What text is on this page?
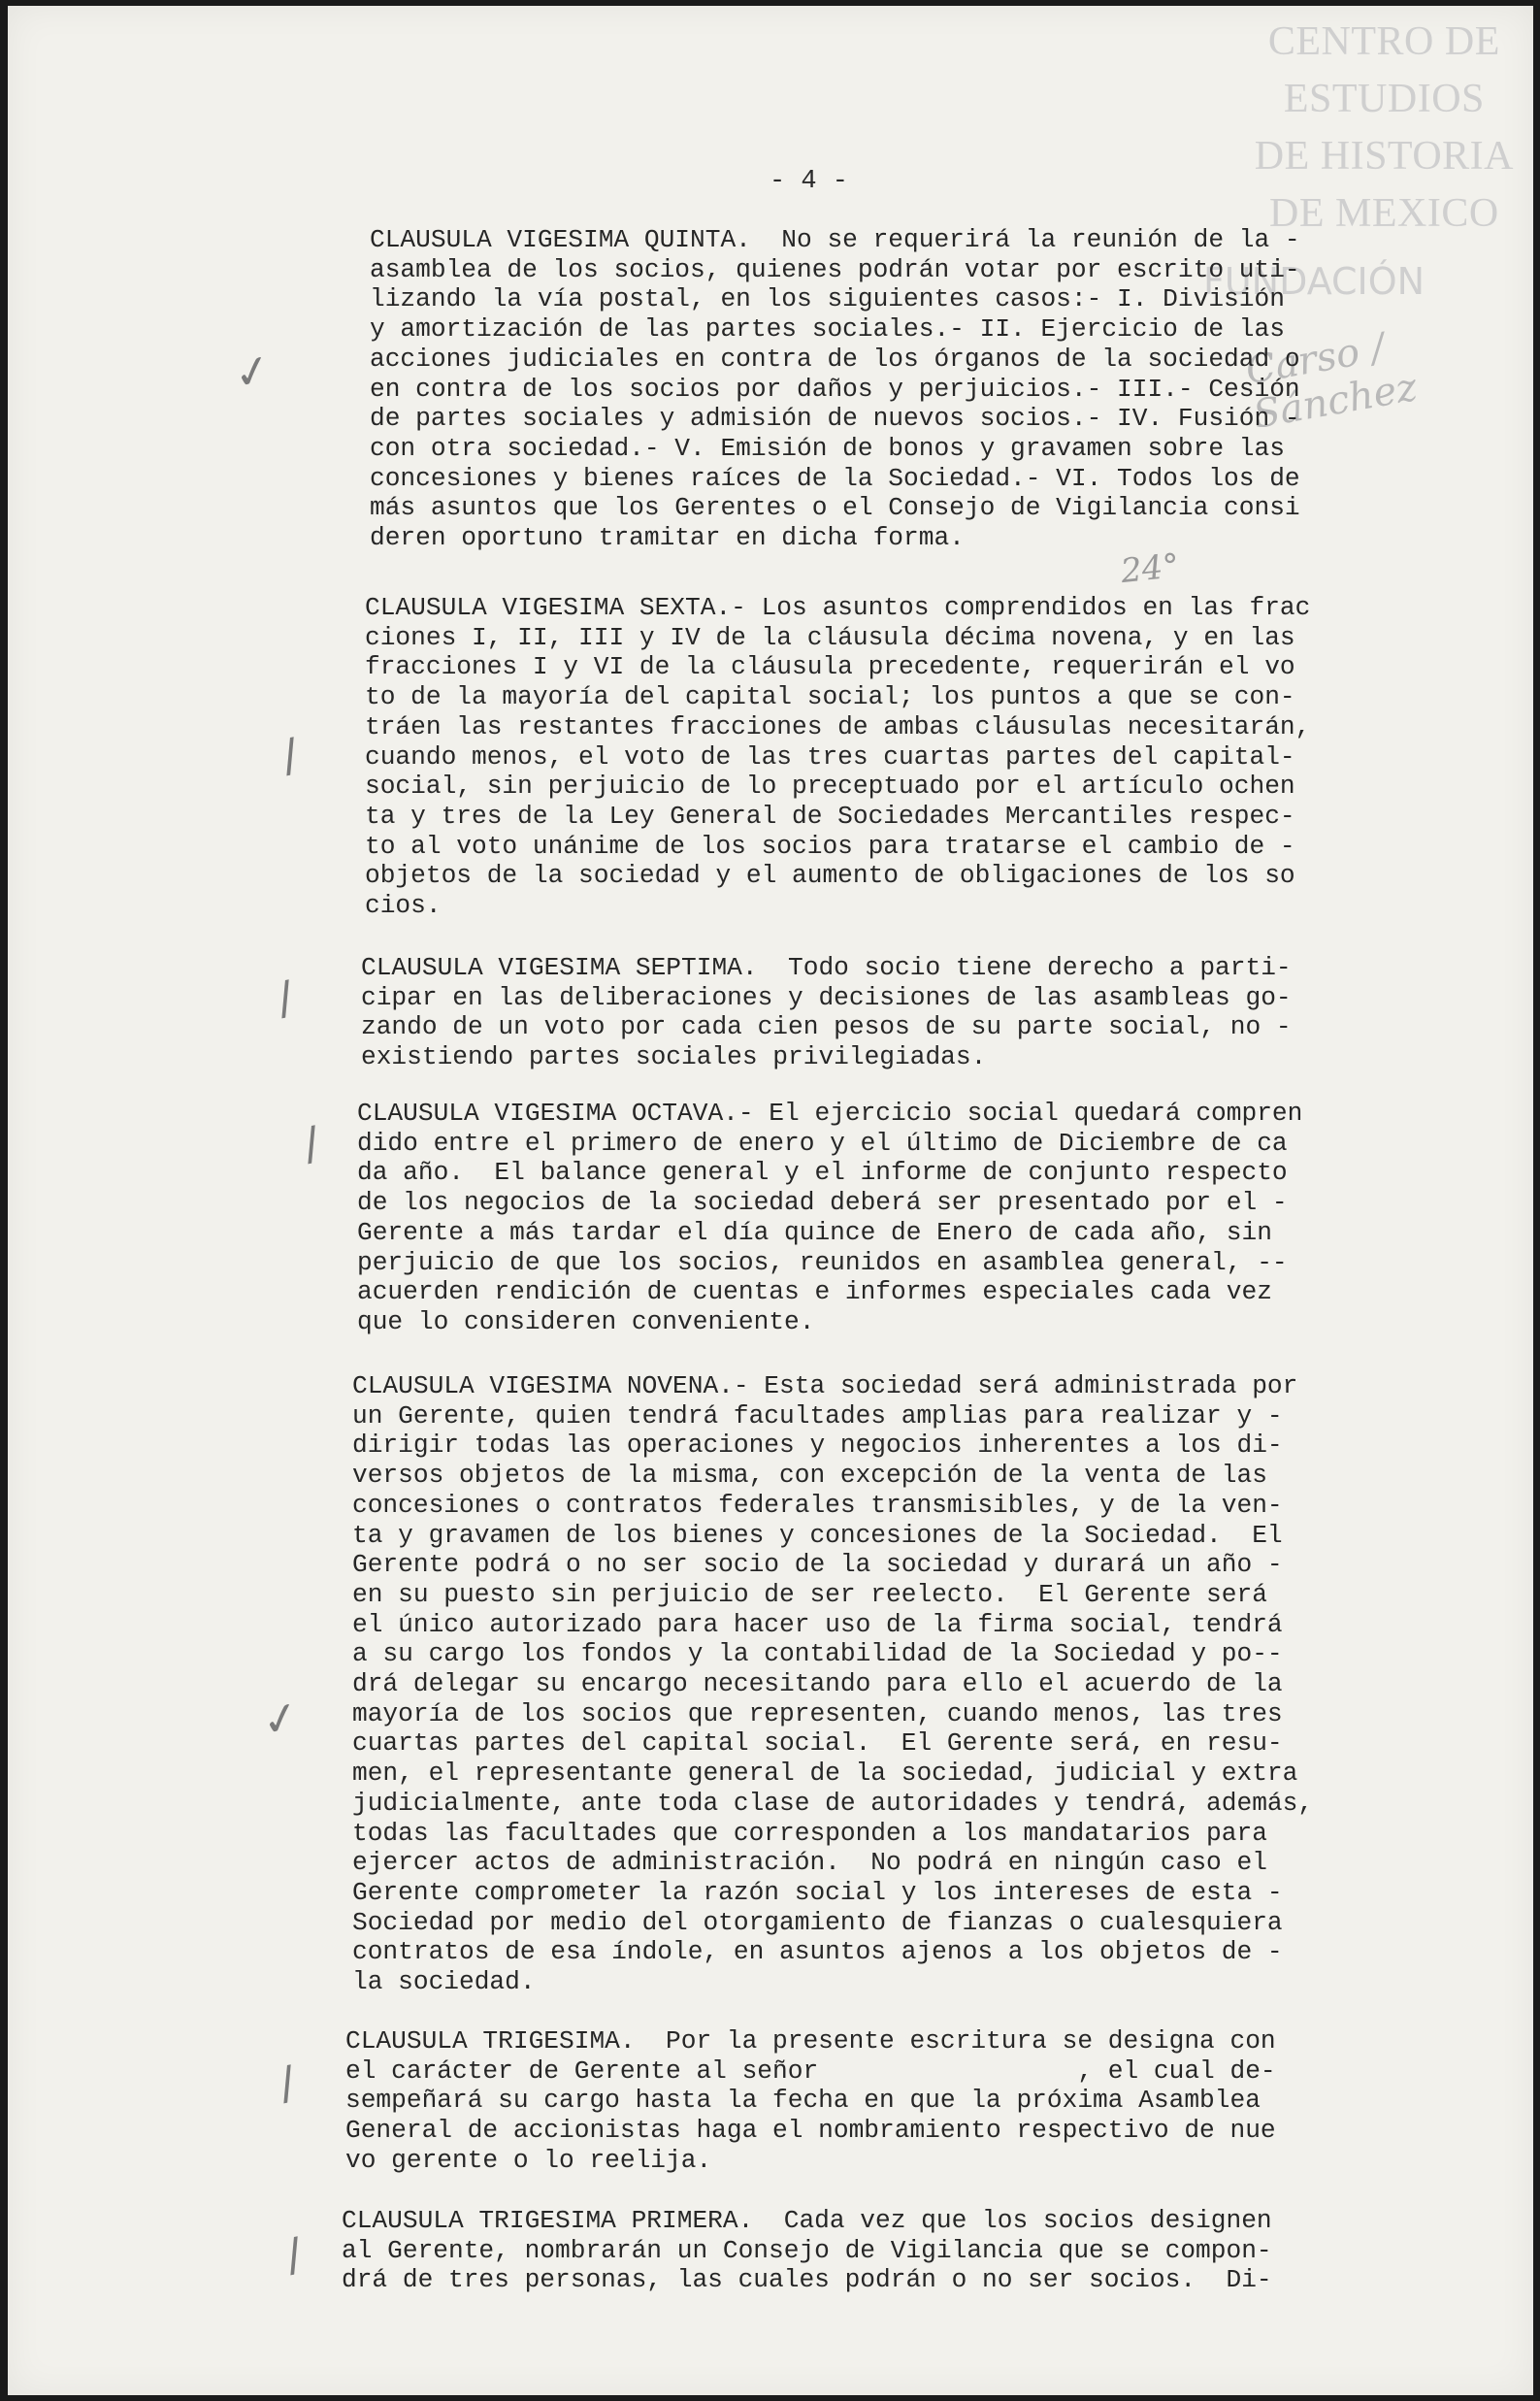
CENTRO DE
ESTUDIOS
DE HISTORIA
DE MEXICO
FUNDACIÓN
Carso / Sánchez
- 4 -
24°

CLAUSULA VIGESIMA QUINTA.  No se requerirá la reunión de la -
asamblea de los socios, quienes podrán votar por escrito uti-
lizando la vía postal, en los siguientes casos:- I. División
y amortización de las partes sociales.- II. Ejercicio de las
acciones judiciales en contra de los órganos de la sociedad o
en contra de los socios por daños y perjuicios.- III.- Cesión
de partes sociales y admisión de nuevos socios.- IV. Fusión -
con otra sociedad.- V. Emisión de bonos y gravamen sobre las
concesiones y bienes raíces de la Sociedad.- VI. Todos los de
más asuntos que los Gerentes o el Consejo de Vigilancia consi
deren oportuno tramitar en dicha forma.

CLAUSULA VIGESIMA SEXTA.- Los asuntos comprendidos en las frac
ciones I, II, III y IV de la cláusula décima novena, y en las
fracciones I y VI de la cláusula precedente, requerirán el vo
to de la mayoría del capital social; los puntos a que se con-
tráen las restantes fracciones de ambas cláusulas necesitarán,
cuando menos, el voto de las tres cuartas partes del capital-
social, sin perjuicio de lo preceptuado por el artículo ochen
ta y tres de la Ley General de Sociedades Mercantiles respec-
to al voto unánime de los socios para tratarse el cambio de -
objetos de la sociedad y el aumento de obligaciones de los so
cios.

CLAUSULA VIGESIMA SEPTIMA.  Todo socio tiene derecho a parti-
cipar en las deliberaciones y decisiones de las asambleas go-
zando de un voto por cada cien pesos de su parte social, no -
existiendo partes sociales privilegiadas.

CLAUSULA VIGESIMA OCTAVA.- El ejercicio social quedará compren
dido entre el primero de enero y el último de Diciembre de ca
da año.  El balance general y el informe de conjunto respecto
de los negocios de la sociedad deberá ser presentado por el -
Gerente a más tardar el día quince de Enero de cada año, sin
perjuicio de que los socios, reunidos en asamblea general, --
acuerden rendición de cuentas e informes especiales cada vez
que lo consideren conveniente.

CLAUSULA VIGESIMA NOVENA.- Esta sociedad será administrada por
un Gerente, quien tendrá facultades amplias para realizar y -
dirigir todas las operaciones y negocios inherentes a los di-
versos objetos de la misma, con excepción de la venta de las
concesiones o contratos federales transmisibles, y de la ven-
ta y gravamen de los bienes y concesiones de la Sociedad.  El
Gerente podrá o no ser socio de la sociedad y durará un año -
en su puesto sin perjuicio de ser reelecto.  El Gerente será
el único autorizado para hacer uso de la firma social, tendrá
a su cargo los fondos y la contabilidad de la Sociedad y po--
drá delegar su encargo necesitando para ello el acuerdo de la
mayoría de los socios que representen, cuando menos, las tres
cuartas partes del capital social.  El Gerente será, en resu-
men, el representante general de la sociedad, judicial y extra
judicialmente, ante toda clase de autoridades y tendrá, además,
todas las facultades que corresponden a los mandatarios para
ejercer actos de administración.  No podrá en ningún caso el
Gerente comprometer la razón social y los intereses de esta -
Sociedad por medio del otorgamiento de fianzas o cualesquiera
contratos de esa índole, en asuntos ajenos a los objetos de -
la sociedad.

CLAUSULA TRIGESIMA.  Por la presente escritura se designa con
el carácter de Gerente al señor                 , el cual de-
sempeñará su cargo hasta la fecha en que la próxima Asamblea
General de accionistas haga el nombramiento respectivo de nue
vo gerente o lo reelija.

CLAUSULA TRIGESIMA PRIMERA.  Cada vez que los socios designen
al Gerente, nombrarán un Consejo de Vigilancia que se compon-
drá de tres personas, las cuales podrán o no ser socios.  Di-

✓
/
/
/
✓
/
/
